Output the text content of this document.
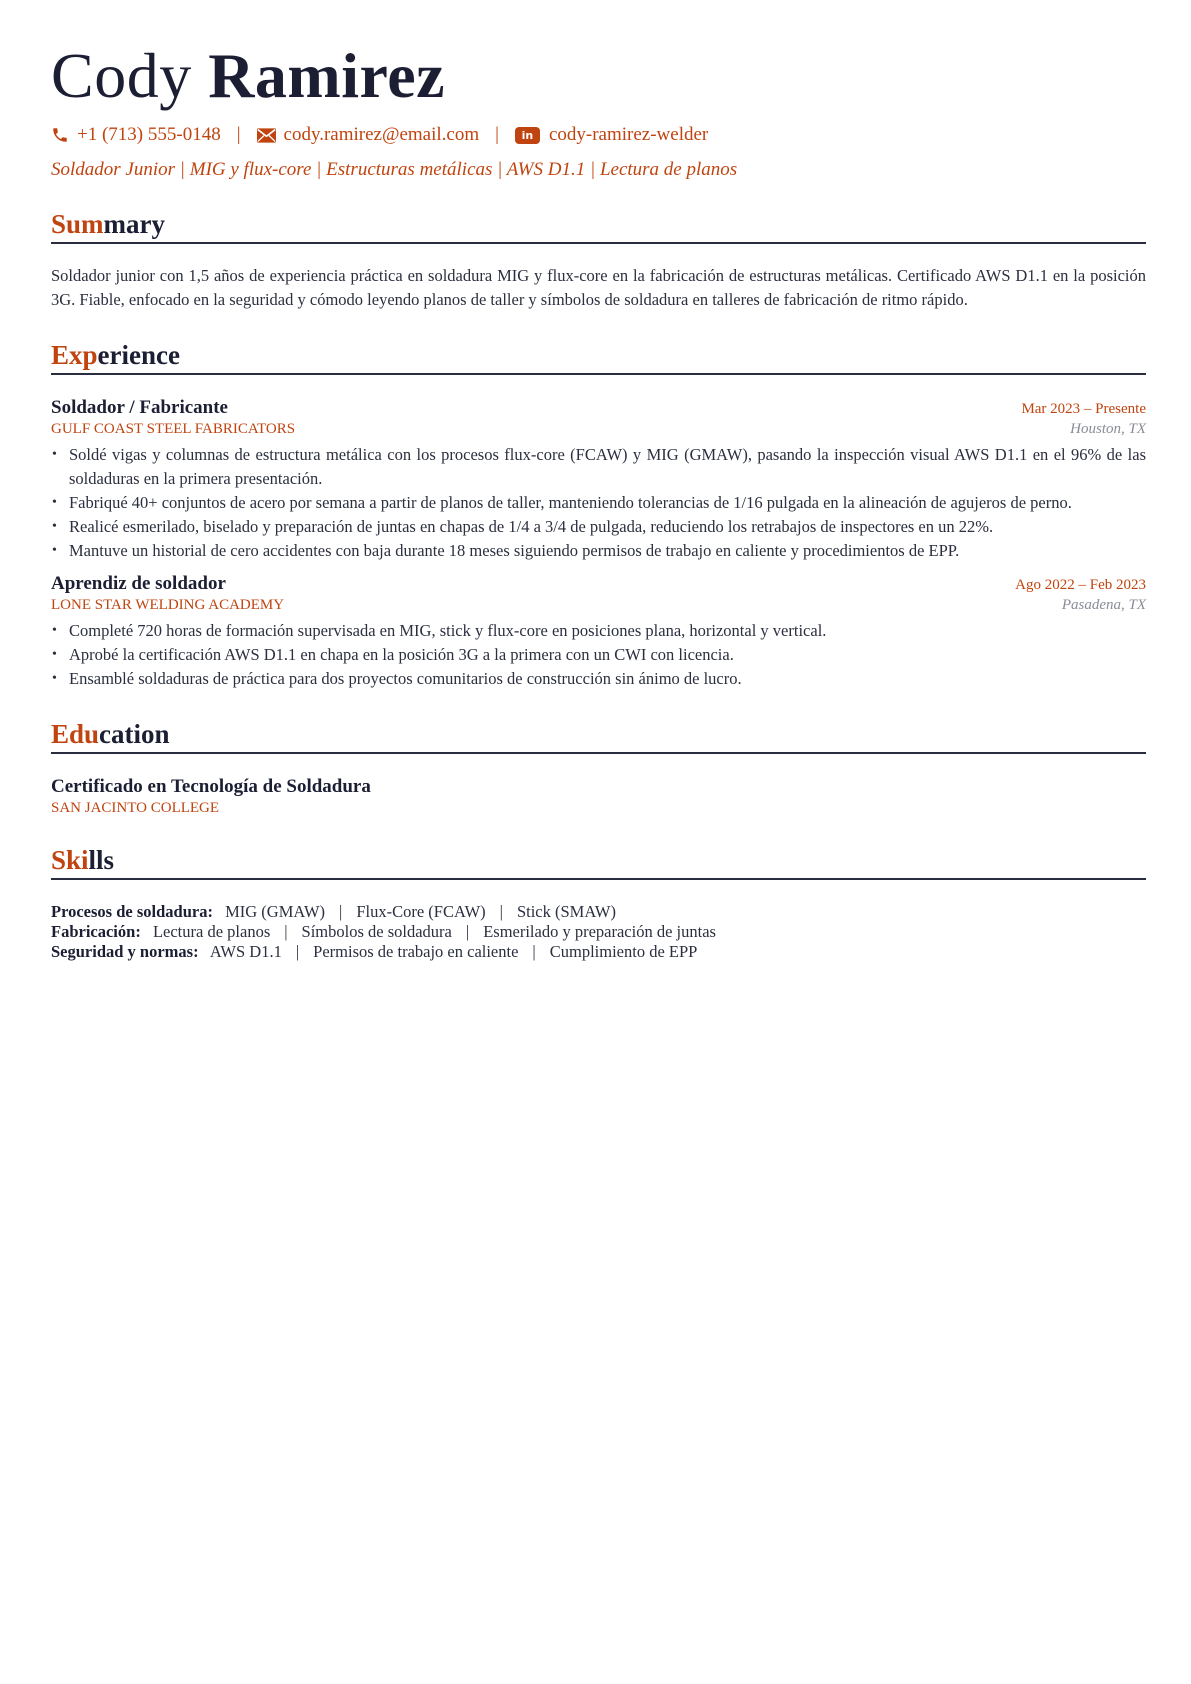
Cody Ramirez
+1 (713) 555-0148 | cody.ramirez@email.com |	in cody-ramirez-welder
Soldador Junior | MIG y flux-core | Estructuras metálicas | AWS D1.1 | Lectura de planos
Summary

Soldador junior con 1,5 años de experiencia práctica en soldadura MIG y flux-core en la fabricación de estructuras metálicas. Certificado AWS D1.1 en la posición 3G. Fiable, enfocado en la seguridad y cómodo leyendo planos de taller y símbolos de soldadura en talleres de fabricación de ritmo rápido.

Experience
Soldador / Fabricante	Mar 2023 – Presente
GULF COAST STEEL FABRICATORS	Houston, TX
• Soldé vigas y columnas de estructura metálica con los procesos flux-core (FCAW) y MIG (GMAW), pasando la inspección visual AWS D1.1 en el 96% de las soldaduras en la primera presentación.
• Fabriqué 40+ conjuntos de acero por semana a partir de planos de taller, manteniendo tolerancias de 1/16 pulgada en la alineación de agujeros de perno.
• Realicé esmerilado, biselado y preparación de juntas en chapas de 1/4 a 3/4 de pulgada, reduciendo los retrabajos de inspectores en un 22%.
• Mantuve un historial de cero accidentes con baja durante 18 meses siguiendo permisos de trabajo en caliente y procedimientos de EPP.
Aprendiz de soldador	Ago 2022 – Feb 2023
LONE STAR WELDING ACADEMY	Pasadena, TX
• Completé 720 horas de formación supervisada en MIG, stick y flux-core en posiciones plana, horizontal y vertical.
• Aprobé la certificación AWS D1.1 en chapa en la posición 3G a la primera con un CWI con licencia.
• Ensamblé soldaduras de práctica para dos proyectos comunitarios de construcción sin ánimo de lucro.
Education
Certificado en Tecnología de Soldadura
SAN JACINTO COLLEGE
Skills
Procesos de soldadura: MIG (GMAW) | Flux-Core (FCAW) | Stick (SMAW)
Fabricación: Lectura de planos | Símbolos de soldadura | Esmerilado y preparación de juntas
Seguridad y normas: AWS D1.1 | Permisos de trabajo en caliente | Cumplimiento de EPP
